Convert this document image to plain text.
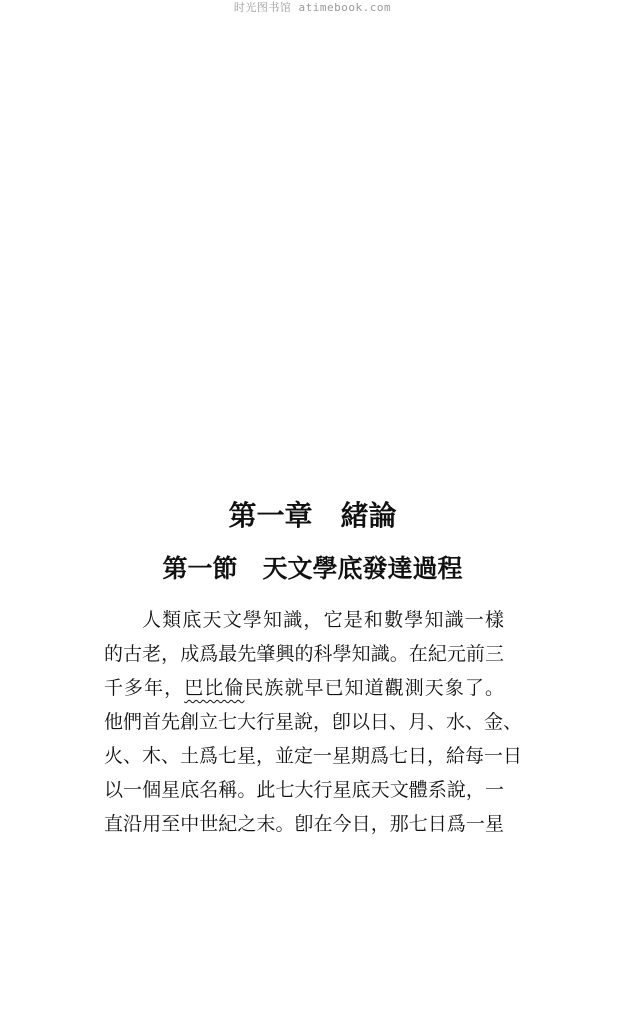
时光图书馆 atimebook.com
第一章　緒論
第一節　天文學底發達過程
人類底天文學知識，它是和數學知識一樣
的古老，成爲最先肇興的科學知識。在紀元前三
千多年，巴比倫民族就早已知道觀測天象了。
他們首先創立七大行星說，卽以日、月、水、金、
火、木、土爲七星，並定一星期爲七日，給每一日
以一個星底名稱。此七大行星底天文體系說，一
直沿用至中世紀之末。卽在今日，那七日爲一星
